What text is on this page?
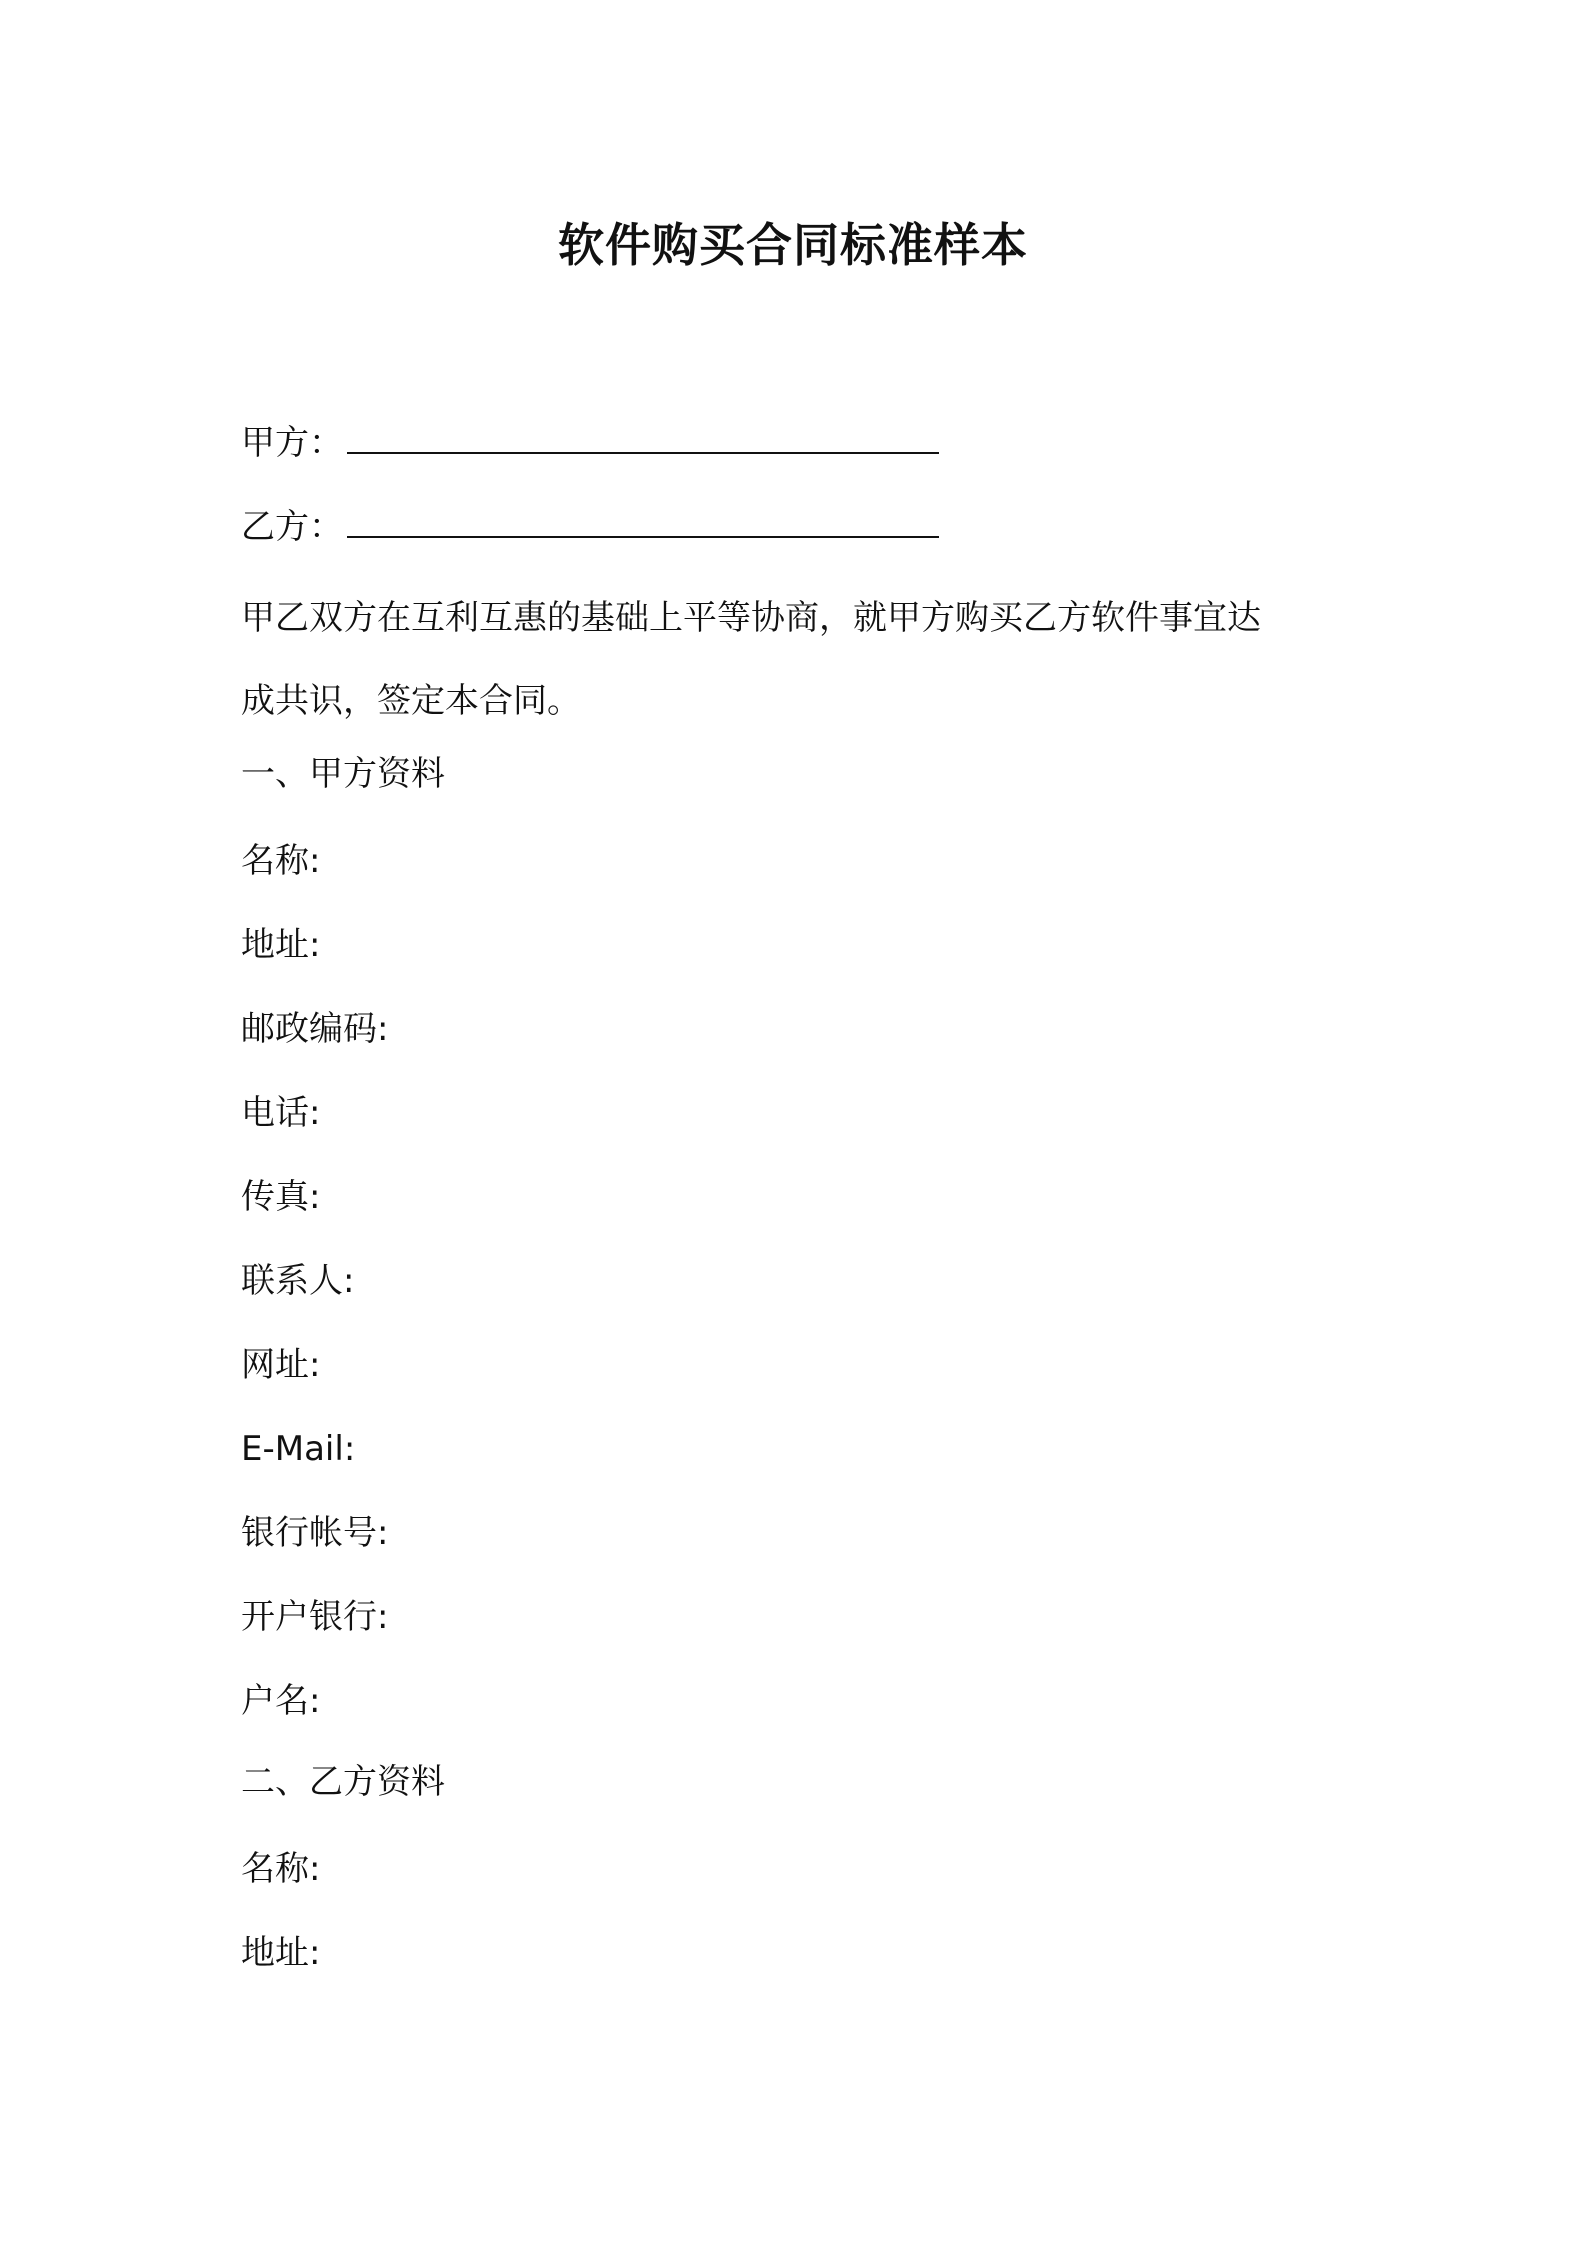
软件购买合同标准样本
甲方：
乙方：
甲乙双方在互利互惠的基础上平等协商，就甲方购买乙方软件事宜达
成共识，签定本合同。
一、甲方资料
名称:
地址:
邮政编码:
电话:
传真:
联系人:
网址:
E-Mail:
银行帐号:
开户银行:
户名:
二、乙方资料
名称:
地址:
